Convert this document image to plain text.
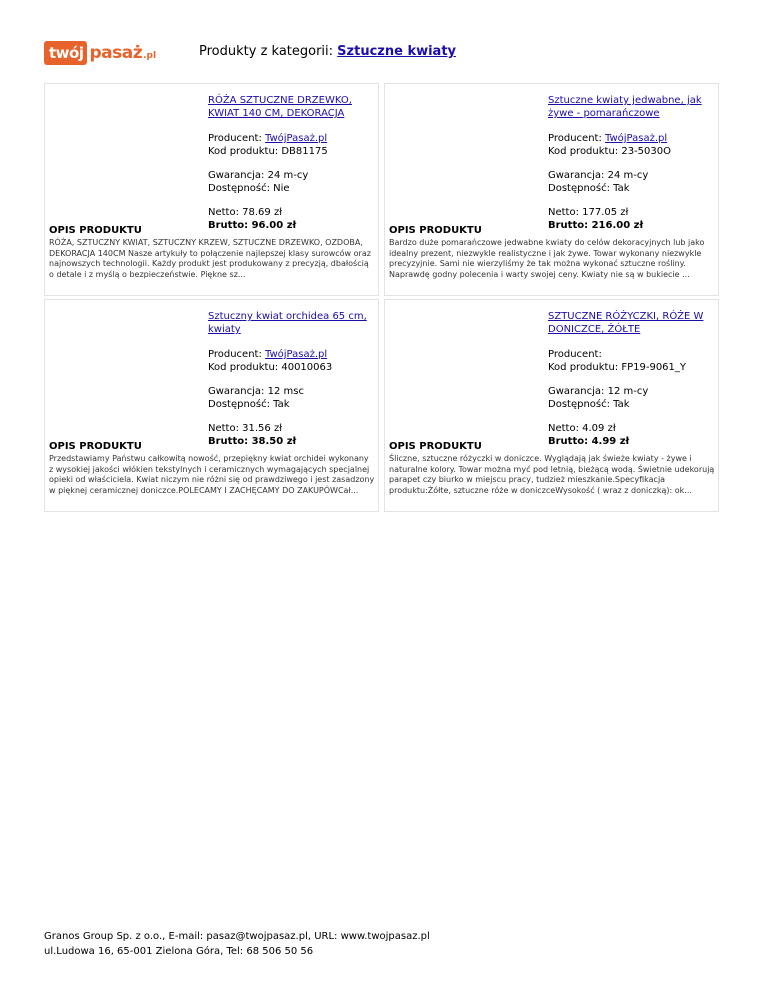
twój pasaż .pl	Produkty z kategorii: Sztuczne kwiaty

RÓŻA SZTUCZNE DRZEWKO, KWIAT 140 CM, DEKORACJA

Producent: TwójPasaż.pl
Kod produktu: DB81175

Gwarancja: 24 m-cy
Dostępność: Nie

Netto: 78.69 zł
Brutto: 96.00 zł

OPIS PRODUKTU
RÓŻA, SZTUCZNY KWIAT, SZTUCZNY KRZEW, SZTUCZNE DRZEWKO, OZDOBA, DEKORACJA 140CM Nasze artykuły to połączenie najlepszej klasy surowców oraz najnowszych technologii. Każdy produkt jest produkowany z precyzją, dbałością o detale i z myślą o bezpieczeństwie. Piękne sz...

Sztuczne kwiaty jedwabne, jak żywe - pomarańczowe

Producent: TwójPasaż.pl
Kod produktu: 23-5030O

Gwarancja: 24 m-cy
Dostępność: Tak

Netto: 177.05 zł
Brutto: 216.00 zł

OPIS PRODUKTU
Bardzo duże pomarańczowe jedwabne kwiaty do celów dekoracyjnych lub jako idealny prezent, niezwykle realistyczne i jak żywe. Towar wykonany niezwykle precyzyjnie. Sami nie wierzyliśmy że tak można wykonać sztuczne rośliny. Naprawdę godny polecenia i warty swojej ceny. Kwiaty nie są w bukiecie ...

Sztuczny kwiat orchidea 65 cm, kwiaty

Producent: TwójPasaż.pl
Kod produktu: 40010063

Gwarancja: 12 msc
Dostępność: Tak

Netto: 31.56 zł
Brutto: 38.50 zł

OPIS PRODUKTU
Przedstawiamy Państwu całkowitą nowość, przepiękny kwiat orchidei wykonany z wysokiej jakości włókien tekstylnych i ceramicznych wymagających specjalnej opieki od właściciela. Kwiat niczym nie różni się od prawdziwego i jest zasadzony w pięknej ceramicznej doniczce.POLECAMY I ZACHĘCAMY DO ZAKUPÓWCał...

SZTUCZNE RÓŻYCZKI, RÓŻE W DONICZCE, ŻÓŁTE

Producent:
Kod produktu: FP19-9061_Y

Gwarancja: 12 m-cy
Dostępność: Tak

Netto: 4.09 zł
Brutto: 4.99 zł

OPIS PRODUKTU
Śliczne, sztuczne różyczki w doniczce. Wyglądają jak świeże kwiaty - żywe i naturalne kolory. Towar można myć pod letnią, bieżącą wodą. Świetnie udekorują parapet czy biurko w miejscu pracy, tudzież mieszkanie.Specyfikacja produktu:Żółte, sztuczne róże w doniczceWysokość ( wraz z doniczką): ok...
Granos Group Sp. z o.o., E-mail: pasaz@twojpasaz.pl, URL: www.twojpasaz.pl
ul.Ludowa 16, 65-001 Zielona Góra, Tel: 68 506 50 56
